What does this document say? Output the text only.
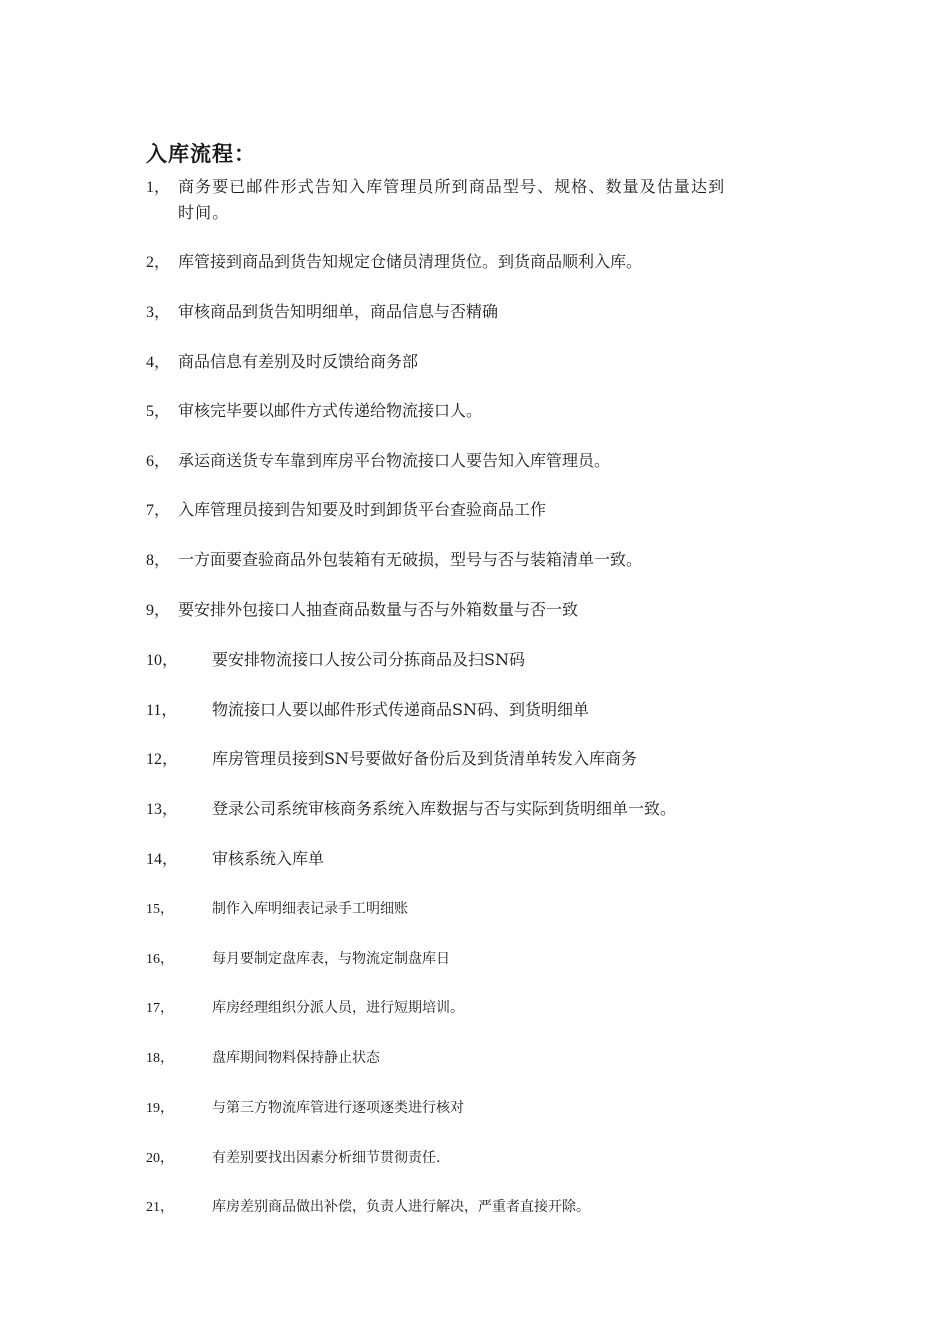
入库流程：
1， 商务要已邮件形式告知入库管理员所到商品型号、规格、数量及估量达到
时间。
2， 库管接到商品到货告知规定仓储员清理货位。到货商品顺利入库。
3， 审核商品到货告知明细单，商品信息与否精确
4， 商品信息有差别及时反馈给商务部
5， 审核完毕要以邮件方式传递给物流接口人。
6， 承运商送货专车靠到库房平台物流接口人要告知入库管理员。
7， 入库管理员接到告知要及时到卸货平台查验商品工作
8， 一方面要查验商品外包装箱有无破损，型号与否与装箱清单一致。
9， 要安排外包接口人抽查商品数量与否与外箱数量与否一致
10， 要安排物流接口人按公司分拣商品及扫SN码
11， 物流接口人要以邮件形式传递商品SN码、到货明细单
12， 库房管理员接到SN号要做好备份后及到货清单转发入库商务
13， 登录公司系统审核商务系统入库数据与否与实际到货明细单一致。
14， 审核系统入库单
15，	制作入库明细表记录手工明细账
16，	每月要制定盘库表，与物流定制盘库日
17，	库房经理组织分派人员，进行短期培训。
18，	盘库期间物料保持静止状态
19，	与第三方物流库管进行逐项逐类进行核对
20，	有差别要找出因素分析细节贯彻责任.
21，	库房差别商品做出补偿，负责人进行解决，严重者直接开除。
